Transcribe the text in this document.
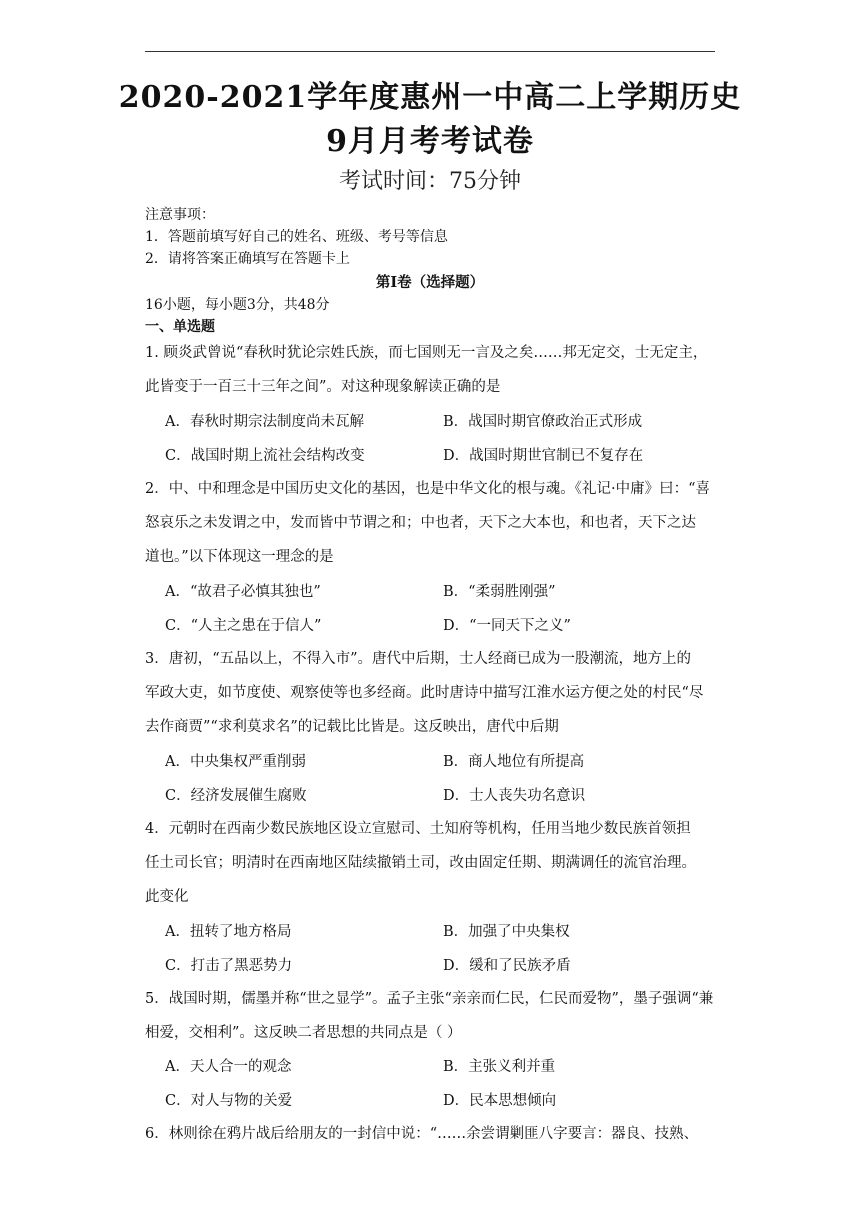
2020-2021学年度惠州一中高二上学期历史
9月月考考试卷
考试时间：75分钟
注意事项：
1．答题前填写好自己的姓名、班级、考号等信息
2．请将答案正确填写在答题卡上
第Ⅰ卷（选择题）
16小题，每小题3分，共48分
一、单选题
1. 顾炎武曾说“春秋时犹论宗姓氏族，而七国则无一言及之矣……邦无定交，士无定主，
此皆变于一百三十三年之间”。对这种现象解读正确的是
A．春秋时期宗法制度尚未瓦解	B．战国时期官僚政治正式形成
C．战国时期上流社会结构改变	D．战国时期世官制已不复存在
2．中、中和理念是中国历史文化的基因，也是中华文化的根与魂。《礼记·中庸》曰：“喜
怒哀乐之未发谓之中，发而皆中节谓之和；中也者，天下之大本也，和也者，天下之达
道也。”以下体现这一理念的是
A．“故君子必慎其独也”	B．“柔弱胜刚强”
C．“人主之患在于信人”	D．“一同天下之义”
3．唐初，“五品以上，不得入市”。唐代中后期，士人经商已成为一股潮流，地方上的
军政大吏，如节度使、观察使等也多经商。此时唐诗中描写江淮水运方便之处的村民“尽
去作商贾”“求利莫求名”的记载比比皆是。这反映出，唐代中后期
A．中央集权严重削弱	B．商人地位有所提高
C．经济发展催生腐败	D．士人丧失功名意识
4．元朝时在西南少数民族地区设立宣慰司、土知府等机构，任用当地少数民族首领担
任土司长官；明清时在西南地区陆续撤销土司，改由固定任期、期满调任的流官治理。
此变化
A．扭转了地方格局	B．加强了中央集权
C．打击了黑恶势力	D．缓和了民族矛盾
5．战国时期，儒墨并称“世之显学”。孟子主张“亲亲而仁民，仁民而爱物”，墨子强调“兼
相爱，交相利”。这反映二者思想的共同点是（ ）
A．天人合一的观念	B．主张义利并重
C．对人与物的关爱	D．民本思想倾向
6．林则徐在鸦片战后给朋友的一封信中说：“……余尝谓剿匪八字要言：器良、技熟、
